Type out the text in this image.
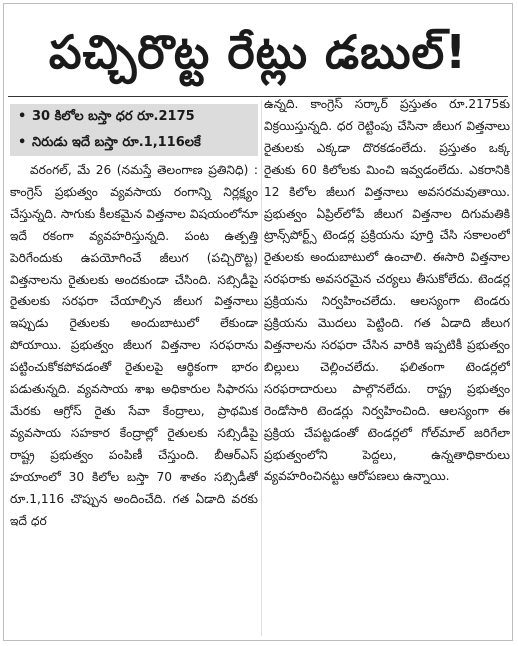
పచ్చిరొట్ట రేట్లు డబుల్‌!
• 30 కిలోల బస్తా ధర రూ.2175
• నిరుడు ఇదే బస్తా రూ.1,116లకే

వరంగల్‌, మే 26 (నమస్తే తెలంగాణ ప్రతినిధి) : కాంగ్రెస్‌ ప్రభుత్వం వ్యవసాయ రంగాన్ని నిర్లక్ష్యం చేస్తున్నది. సాగుకు కీలకమైన విత్తనాల విషయంలోనూ ఇదే రకంగా వ్యవహరిస్తున్నది. పంట ఉత్పత్తి పెరిగేందుకు ఉపయోగించే జీలుగ (పచ్చిరొట్ట) విత్తనాలను రైతులకు అందకుండా చేసింది. సబ్సిడీపై రైతులకు సరఫరా చేయాల్సిన జీలుగ విత్తనాలు ఇప్పుడు రైతులకు అందుబాటులో లేకుండా పోయాయి. ప్రభుత్వం జీలుగ విత్తనాల సరఫరాను పట్టించుకోకపోవడంతో రైతులపై ఆర్థికంగా భారం పడుతున్నది. వ్యవసాయ శాఖ అధికారుల సిఫారసు మేరకు ఆగ్రోస్‌ రైతు సేవా కేంద్రాలు, ప్రాథమిక వ్యవసాయ సహకార కేంద్రాల్లో రైతులకు సబ్సిడీపై రాష్ట్ర ప్రభుత్వం పంపిణీ చేస్తుంది. బీఆర్‌ఎస్‌ హయాంలో 30 కిలోల బస్తా 70 శాతం సబ్సిడీతో రూ.1,116 చొప్పున అందించేది. గత ఏడాది వరకు ఇదే ధర

ఉన్నది. కాంగ్రెస్‌ సర్కార్‌ ప్రస్తుతం రూ.2175కు విక్రయిస్తున్నది. ధర రెట్టింపు చేసినా జీలుగ విత్తనాలు రైతులకు ఎక్కడా దొరకడంలేదు. ప్రస్తుతం ఒక్క రైతుకు 60 కిలోలకు మించి ఇవ్వడంలేదు. ఎకరానికి 12 కిలోల జీలుగ విత్తనాలు అవసరమవుతాయి. ప్రభుత్వం ఏప్రిల్‌లోపే జీలుగ విత్తనాల దిగుమతికి ట్రాన్స్‌పోర్ట్స్‌ టెండర్ల ప్రక్రియను పూర్తి చేసి సకాలంలో రైతులకు అందుబాటులో ఉంచాలి. ఈసారి విత్తనాల సరఫరాకు అవసరమైన చర్యలు తీసుకోలేదు. టెండర్ల ప్రక్రియను నిర్వహించలేదు. ఆలస్యంగా టెండరు ప్రక్రియను మొదలు పెట్టింది. గత ఏడాది జీలుగ విత్తనాలను సరఫరా చేసిన వారికి ఇప్పటికీ ప్రభుత్వం బిల్లులు చెల్లించలేదు. ఫలితంగా టెండర్లలో సరఫరాదారులు పాల్గొనలేదు. రాష్ట్ర ప్రభుత్వం రెండోసారి టెండర్లు నిర్వహించింది. ఆలస్యంగా ఈ ప్రక్రియ చేపట్టడంతో టెండర్లలో గోల్‌మాల్‌ జరిగేలా ప్రభుత్వంలోని పెద్దలు, ఉన్నతాధికారులు వ్యవహరించినట్టు ఆరోపణలు ఉన్నాయి.
